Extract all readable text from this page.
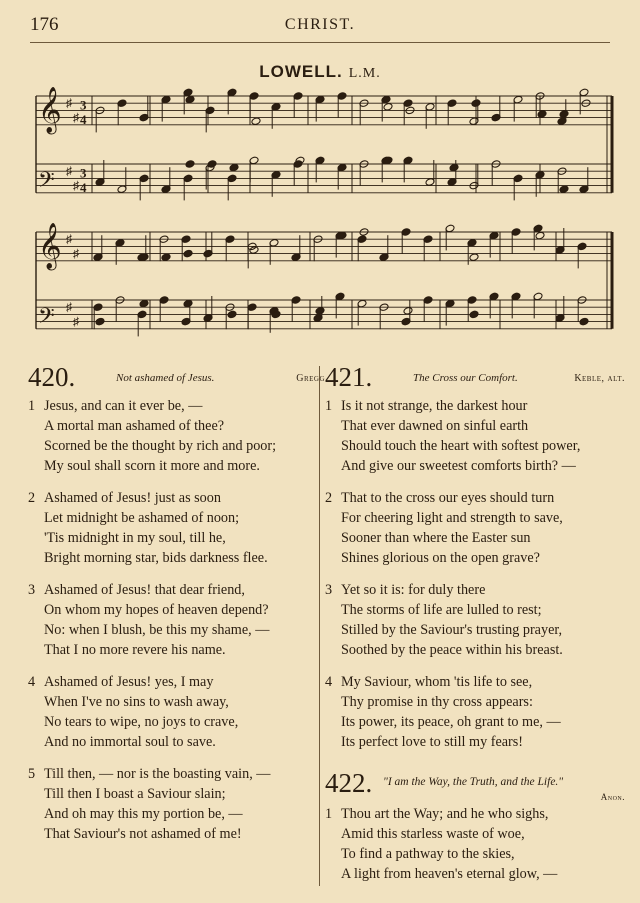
176	CHRIST.
LOWELL. L.M.
𝄞 ♯
♯
𝄢 ♯
♯
𝄞 ♯
♯
𝄢 ♯
♯
3
4
3
4
420.	Not ashamed of Jesus.	Gregg.
1 Jesus, and can it ever be, —
A mortal man ashamed of thee?
Scorned be the thought by rich and poor;
My soul shall scorn it more and more.
2 Ashamed of Jesus! just as soon
Let midnight be ashamed of noon;
'Tis midnight in my soul, till he,
Bright morning star, bids darkness flee.
3 Ashamed of Jesus! that dear friend,
On whom my hopes of heaven depend?
No: when I blush, be this my shame, —
That I no more revere his name.
4 Ashamed of Jesus! yes, I may
When I've no sins to wash away,
No tears to wipe, no joys to crave,
And no immortal soul to save.
5 Till then, — nor is the boasting vain, —
Till then I boast a Saviour slain;
And oh may this my portion be, —
That Saviour's not ashamed of me!
421.	The Cross our Comfort.	Keble, alt.
1 Is it not strange, the darkest hour
That ever dawned on sinful earth
Should touch the heart with softest power,
And give our sweetest comforts birth? —
2 That to the cross our eyes should turn
For cheering light and strength to save,
Sooner than where the Easter sun
Shines glorious on the open grave?
3 Yet so it is: for duly there
The storms of life are lulled to rest;
Stilled by the Saviour's trusting prayer,
Soothed by the peace within his breast.
4 My Saviour, whom 'tis life to see,
Thy promise in thy cross appears:
Its power, its peace, oh grant to me, —
Its perfect love to still my fears!
422. "I am the Way, the Truth, and the Life."
Anon.
1 Thou art the Way; and he who sighs,
Amid this starless waste of woe,
To find a pathway to the skies,
A light from heaven's eternal glow, —
